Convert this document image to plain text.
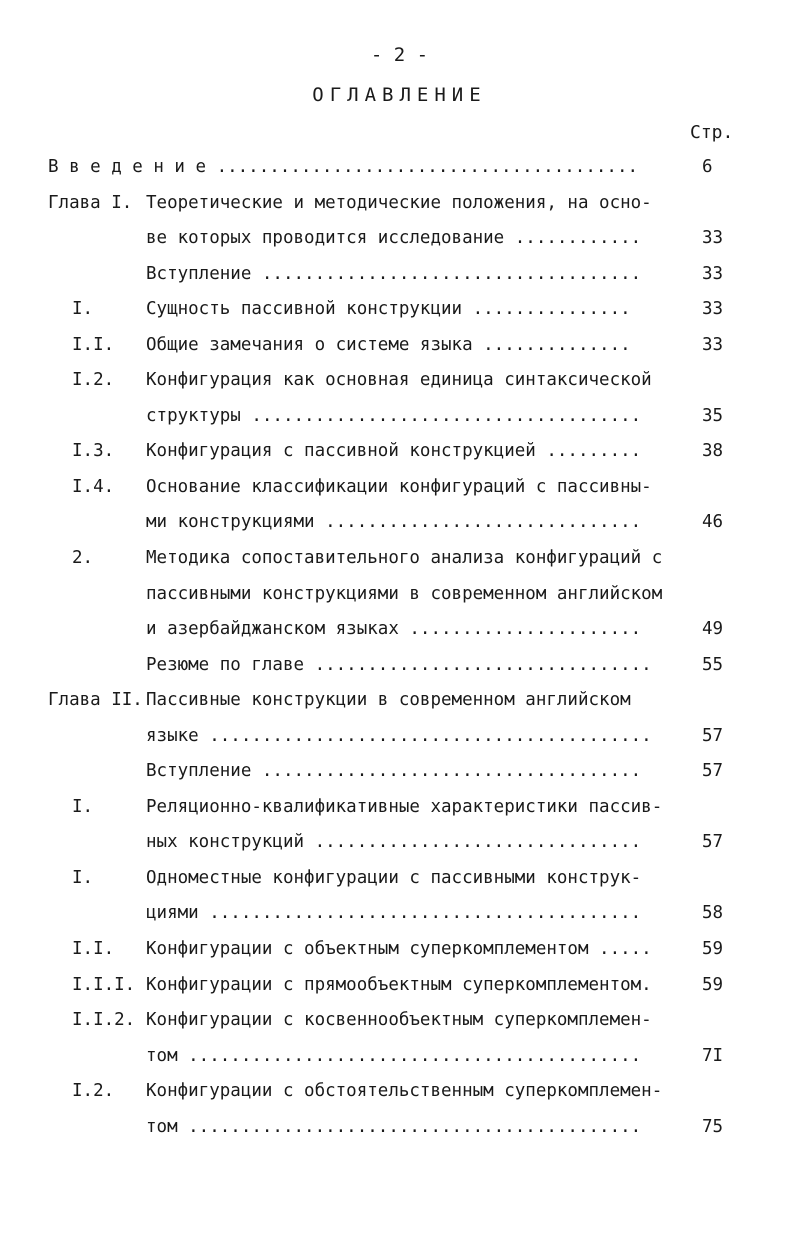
- 2 -
ОГЛАВЛЕНИЕ
Стр.
В в е д е н и е ........................................	6
Глава I. Теоретические и методические положения, на осно-
ве которых проводится исследование ............	33
Вступление ....................................	33
I.	Сущность пассивной конструкции ...............	33
I.I. Общие замечания о системе языка ..............	33
I.2. Конфигурация как основная единица синтаксической
структуры .....................................	35
I.3. Конфигурация с пассивной конструкцией .........	38
I.4. Основание классификации конфигураций с пассивны-
ми конструкциями ..............................	46
2.	Методика сопоставительного анализа конфигураций с
пассивными конструкциями в современном английском
и азербайджанском языках ......................	49
Резюме по главе ................................	55
Глава II. Пассивные конструкции в современном английском
языке ..........................................	57
Вступление ....................................	57
I.	Реляционно-квалификативные характеристики пассив-
ных конструкций ...............................	57
I.	Одноместные конфигурации с пассивными конструк-
циями .........................................	58
I.I. Конфигурации с объектным суперкомплементом .....	59
I.I.I. Конфигурации с прямообъектным суперкомплементом.	59
I.I.2. Конфигурации с косвеннообъектным суперкомплемен-
том ...........................................	7I
I.2. Конфигурации с обстоятельственным суперкомплемен-
том ...........................................	75
